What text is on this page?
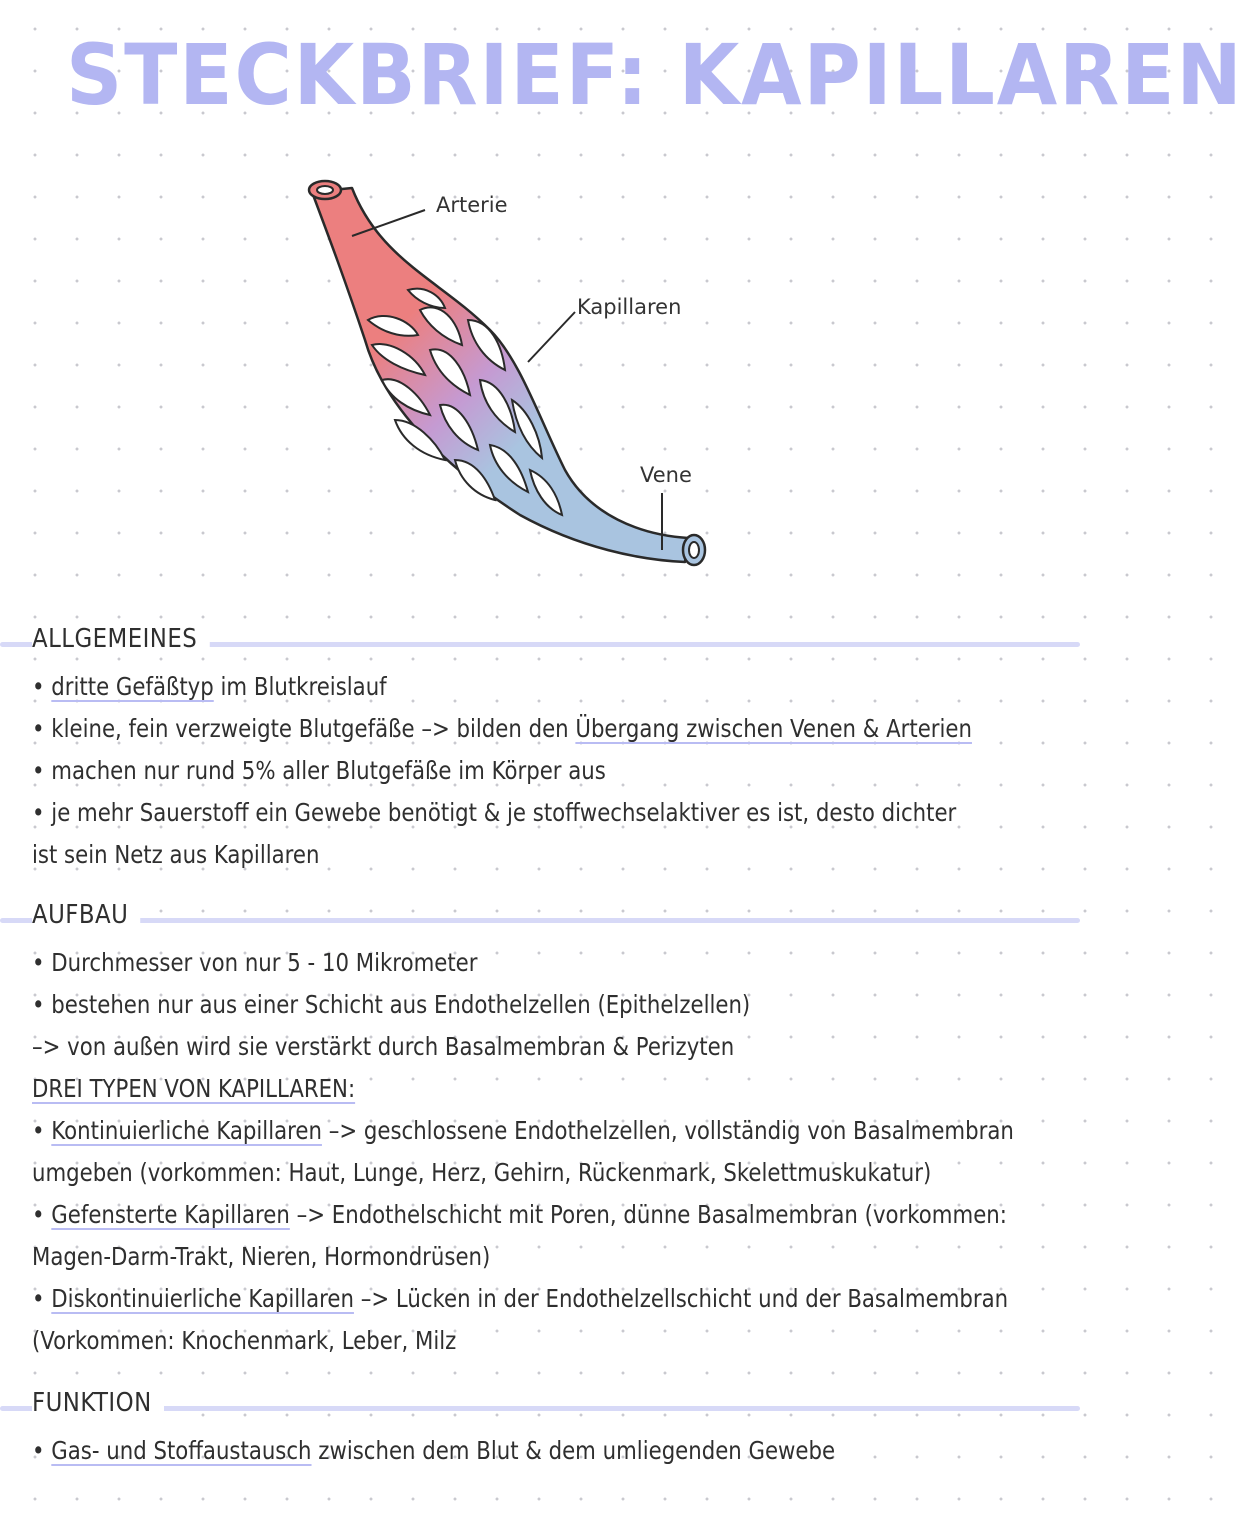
STECKBRIEF: KAPILLAREN
Arterie
Kapillaren
Vene
ALLGEMEINES
• dritte Gefäßtyp im Blutkreislauf
• kleine, fein verzweigte Blutgefäße –> bilden den Übergang zwischen Venen & Arterien
• machen nur rund 5% aller Blutgefäße im Körper aus
• je mehr Sauerstoff ein Gewebe benötigt & je stoffwechselaktiver es ist, desto dichter
ist sein Netz aus Kapillaren
AUFBAU
• Durchmesser von nur 5 - 10 Mikrometer
• bestehen nur aus einer Schicht aus Endothelzellen (Epithelzellen)
–> von außen wird sie verstärkt durch Basalmembran & Perizyten
DREI TYPEN VON KAPILLAREN:
• Kontinuierliche Kapillaren –> geschlossene Endothelzellen, vollständig von Basalmembran
umgeben (vorkommen: Haut, Lunge, Herz, Gehirn, Rückenmark, Skelettmuskukatur)
• Gefensterte Kapillaren –> Endothelschicht mit Poren, dünne Basalmembran (vorkommen:
Magen-Darm-Trakt, Nieren, Hormondrüsen)
• Diskontinuierliche Kapillaren –> Lücken in der Endothelzellschicht und der Basalmembran
(Vorkommen: Knochenmark, Leber, Milz
FUNKTION
• Gas- und Stoffaustausch zwischen dem Blut & dem umliegenden Gewebe
